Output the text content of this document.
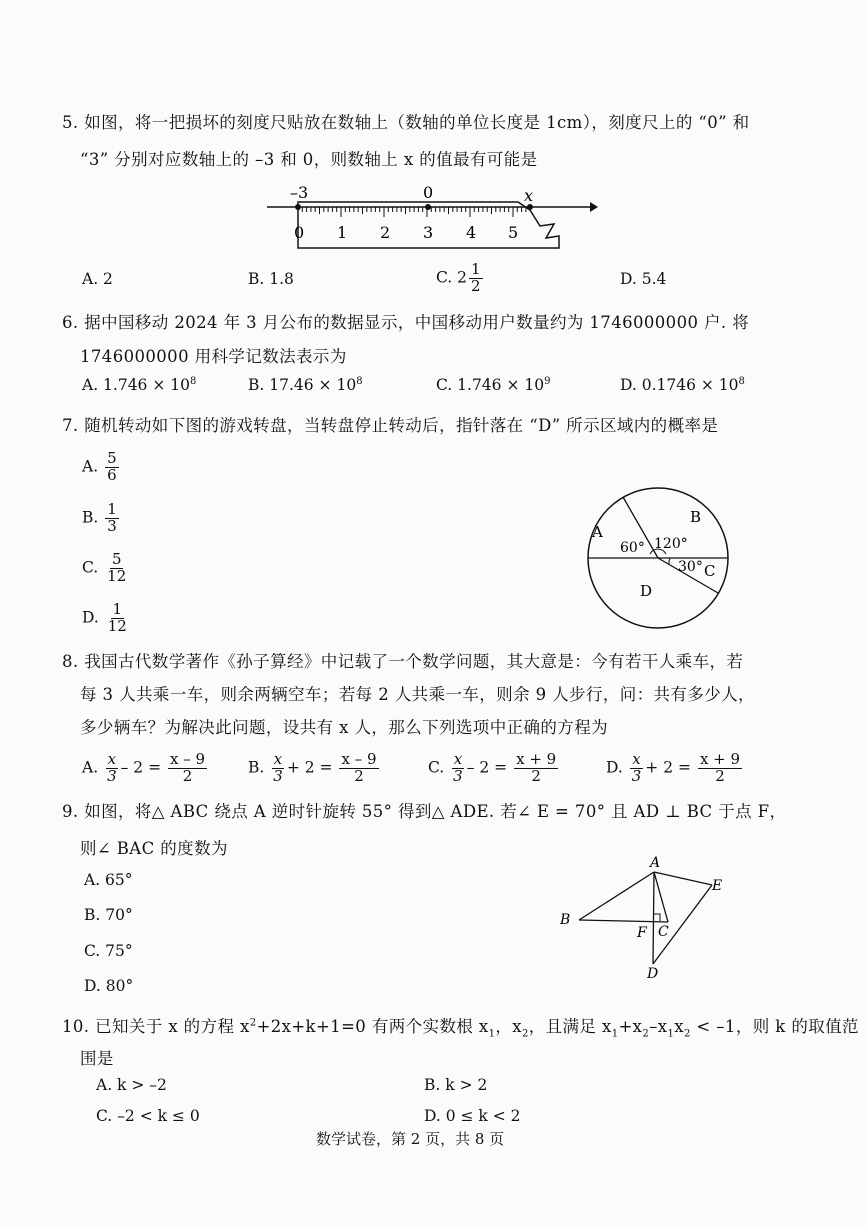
5. 如图，将一把损坏的刻度尺贴放在数轴上（数轴的单位长度是 1cm），刻度尺上的 “0” 和
“3” 分别对应数轴上的 –3 和 0，则数轴上 x 的值最有可能是
–3	0	x
0 1 2 3 4 5
A. 2	B. 1.8	C. $2 \frac{1}{2}$	D. 5.4
6. 据中国移动 2024 年 3 月公布的数据显示，中国移动用户数量约为 1746000000 户. 将
1746000000 用科学记数法表示为
A. $1.746 \times 10^8$	B. $17.46 \times 10^8$	C. $1.746 \times 10^9$	D. $0.1746 \times 10^8$
7. 随机转动如下图的游戏转盘，当转盘停止转动后，指针落在 “D” 所示区域内的概率是
A. $\frac{5}{6}$
B. $\frac{1}{3}$
C. $\frac{5}{12}$
D. $\frac{1}{12}$
A
B
C
D
60° 120°
30°
8. 我国古代数学著作《孙子算经》中记载了一个数学问题，其大意是：今有若干人乘车，若
每 3 人共乘一车，则余两辆空车；若每 2 人共乘一车，则余 9 人步行，问：共有多少人，
多少辆车？为解决此问题，设共有 x 人，那么下列选项中正确的方程为
A. $\frac{x}{3} - 2 = \frac{x - 9}{2}$	B. $\frac{x}{3} + 2 = \frac{x - 9}{2}$	C. $\frac{x}{3} - 2 = \frac{x + 9}{2}$	D. $\frac{x}{3} + 2 = \frac{x + 9}{2}$
9. 如图，将△ ABC 绕点 A 逆时针旋转 55° 得到△ ADE. 若∠ E = 70° 且 AD ⊥ BC 于点 F，
则∠ BAC 的度数为
A. 65°
B. 70°
C. 75°
D. 80°
A
E
B
F C
D
10. 已知关于 x 的方程 $x^2+2x+k+1=0$ 有两个实数根 $x_1$，$x_2$，且满足 $x_1+x_2-x_1x_2 < -1$，则 k 的取值范
围是
A. k > –2	B. k > 2
C. –2 < k ≤ 0	D. 0 ≤ k < 2
数学试卷，第 2 页，共 8 页
